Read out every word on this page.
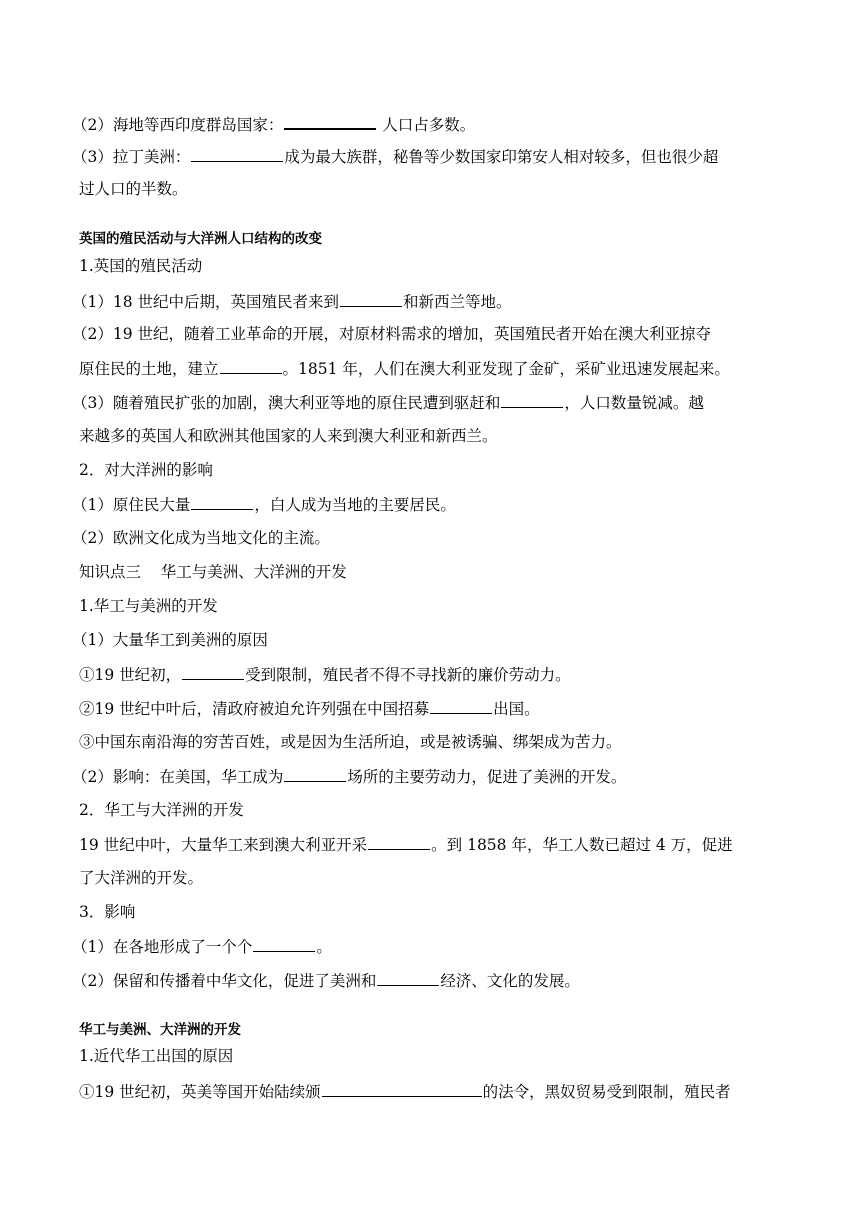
（2）海地等西印度群岛国家：	人口占多数。
（3）拉丁美洲：	成为最大族群，秘鲁等少数国家印第安人相对较多，但也很少超
过人口的半数。
英国的殖民活动与大洋洲人口结构的改变
1.英国的殖民活动
（1）18 世纪中后期，英国殖民者来到	和新西兰等地。
（2）19 世纪，随着工业革命的开展，对原材料需求的增加，英国殖民者开始在澳大利亚掠夺
原住民的土地，建立	。1851 年，人们在澳大利亚发现了金矿，采矿业迅速发展起来。
（3）随着殖民扩张的加剧，澳大利亚等地的原住民遭到驱赶和	，人口数量锐减。越
来越多的英国人和欧洲其他国家的人来到澳大利亚和新西兰。
2．对大洋洲的影响
（1）原住民大量	，白人成为当地的主要居民。
（2）欧洲文化成为当地文化的主流。
知识点三    华工与美洲、大洋洲的开发
1.华工与美洲的开发
（1）大量华工到美洲的原因
①19 世纪初，	受到限制，殖民者不得不寻找新的廉价劳动力。
②19 世纪中叶后，清政府被迫允许列强在中国招募	出国。
③中国东南沿海的穷苦百姓，或是因为生活所迫，或是被诱骗、绑架成为苦力。
（2）影响：在美国，华工成为	场所的主要劳动力，促进了美洲的开发。
2．华工与大洋洲的开发
19 世纪中叶，大量华工来到澳大利亚开采	。到 1858 年，华工人数已超过 4 万，促进
了大洋洲的开发。
3．影响
（1）在各地形成了一个个	。
（2）保留和传播着中华文化，促进了美洲和	经济、文化的发展。
华工与美洲、大洋洲的开发
1.近代华工出国的原因
①19 世纪初，英美等国开始陆续颁	的法令，黑奴贸易受到限制，殖民者
